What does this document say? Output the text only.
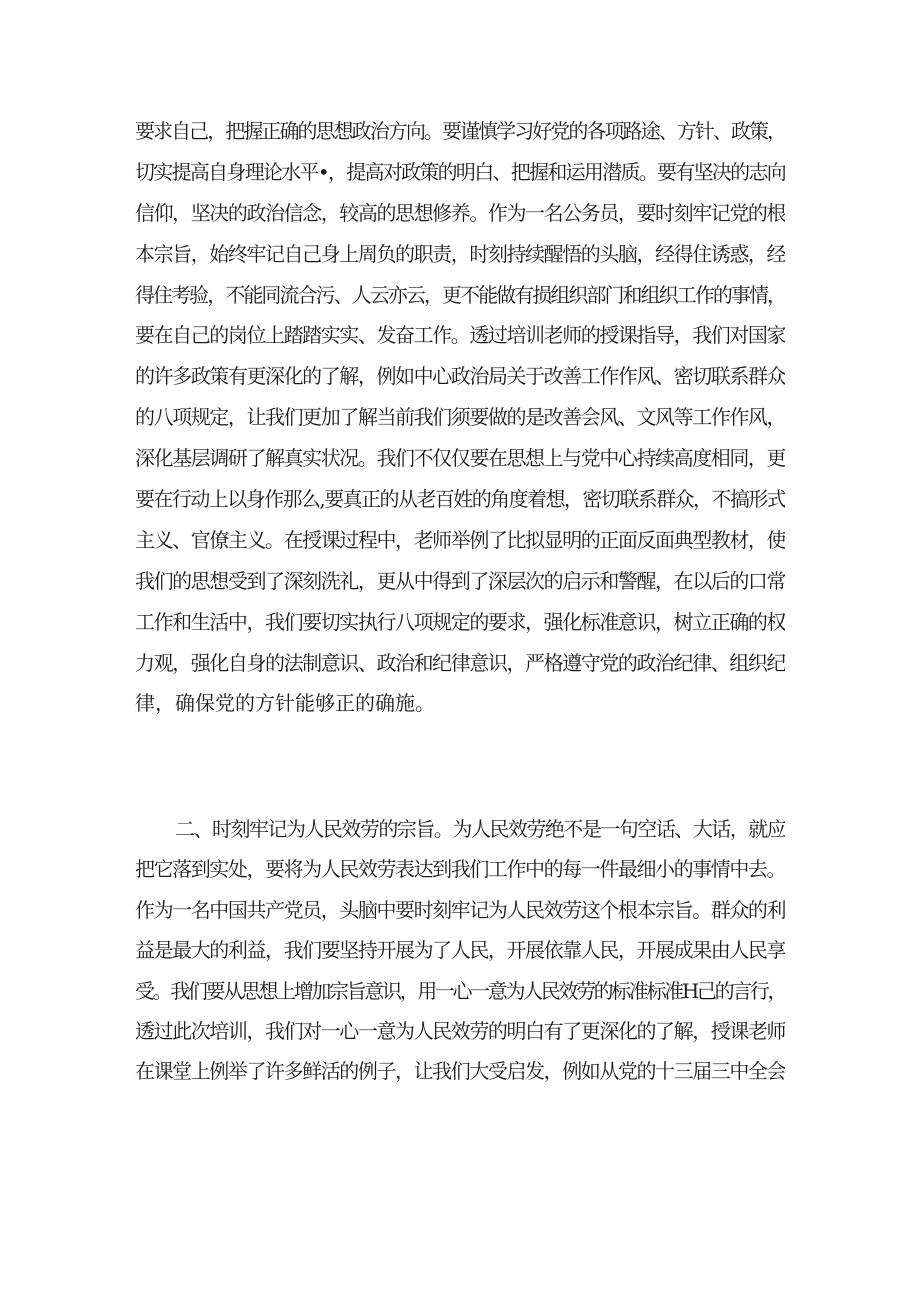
要求自己，把握正确的思想政治方向。要谨慎学习好党的各项路途、方针、政策，
切实提高自身理论水平•，提高对政策的明白、把握和运用潜质。要有坚决的志向
信仰，坚决的政治信念，较高的思想修养。作为一名公务员，要时刻牢记党的根
本宗旨，始终牢记自己身上周负的职责，时刻持续醒悟的头脑，经得住诱惑，经
得住考验，不能同流合污、人云亦云，更不能做有损组织部门和组织工作的事情，
要在自己的岗位上踏踏实实、发奋工作。透过培训老师的授课指导，我们对国家
的许多政策有更深化的了解，例如中心政治局关于改善工作作风、密切联系群众
的八项规定，让我们更加了解当前我们须要做的是改善会风、文风等工作作风，
深化基层调研了解真实状况。我们不仅仅要在思想上与党中心持续高度相同，更
要在行动上以身作那么,要真正的从老百姓的角度着想，密切联系群众，不搞形式
主义、官僚主义。在授课过程中，老师举例了比拟显明的正面反面典型教材，使
我们的思想受到了深刻洗礼，更从中得到了深层次的启示和警醒，在以后的口常
工作和生活中，我们要切实执行八项规定的要求，强化标准意识，树立正确的权
力观，强化自身的法制意识、政治和纪律意识，严格遵守党的政治纪律、组织纪
律，确保党的方针能够正的确施。
二、时刻牢记为人民效劳的宗旨。为人民效劳绝不是一句空话、大话，就应
把它落到实处，要将为人民效劳表达到我们工作中的每一件最细小的事情中去。
作为一名中国共产党员，头脑中要时刻牢记为人民效劳这个根本宗旨。群众的利
益是最大的利益，我们要坚持开展为了人民，开展依靠人民，开展成果由人民享
受。我们要从思想上增加宗旨意识，用一心一意为人民效劳的标准标准H己的言行，
透过此次培训，我们对一心一意为人民效劳的明白有了更深化的了解，授课老师
在课堂上例举了许多鲜活的例子，让我们大受启发，例如从党的十三届三中全会
